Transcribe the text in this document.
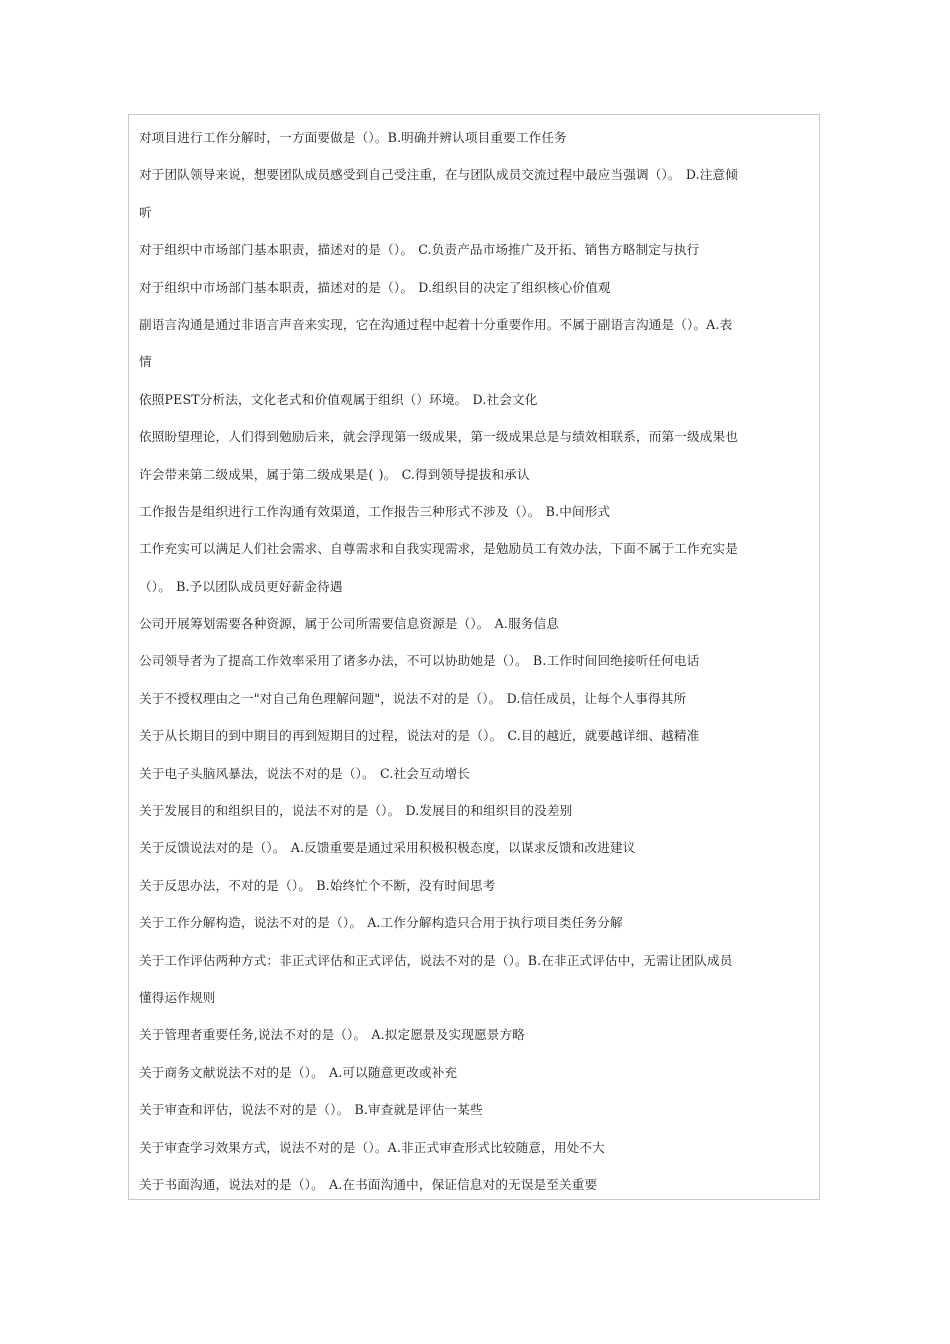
对项目进行工作分解时，一方面要做是（）。B.明确并辨认项目重要工作任务
对于团队领导来说，想要团队成员感受到自己受注重，在与团队成员交流过程中最应当强调（）。 D.注意倾
听
对于组织中市场部门基本职责，描述对的是（）。 C.负责产品市场推广及开拓、销售方略制定与执行
对于组织中市场部门基本职责，描述对的是（）。 D.组织目的决定了组织核心价值观
副语言沟通是通过非语言声音来实现，它在沟通过程中起着十分重要作用。不属于副语言沟通是（）。A.表
情
依照PEST分析法，文化老式和价值观属于组织（）环境。 D.社会文化
依照盼望理论，人们得到勉励后来，就会浮现第一级成果，第一级成果总是与绩效相联系，而第一级成果也
许会带来第二级成果，属于第二级成果是( )。 C.得到领导提拔和承认
工作报告是组织进行工作沟通有效渠道，工作报告三种形式不涉及（）。 B.中间形式
工作充实可以满足人们社会需求、自尊需求和自我实现需求，是勉励员工有效办法，下面不属于工作充实是
（）。 B.予以团队成员更好薪金待遇
公司开展筹划需要各种资源，属于公司所需要信息资源是（）。 A.服务信息
公司领导者为了提高工作效率采用了诸多办法，不可以协助她是（）。 B.工作时间回绝接听任何电话
关于不授权理由之一"对自己角色理解问题"，说法不对的是（）。 D.信任成员，让每个人事得其所
关于从长期目的到中期目的再到短期目的过程，说法对的是（）。 C.目的越近，就要越详细、越精准
关于电子头脑风暴法，说法不对的是（）。 C.社会互动增长
关于发展目的和组织目的，说法不对的是（）。 D.发展目的和组织目的没差别
关于反馈说法对的是（）。 A.反馈重要是通过采用积极积极态度，以谋求反馈和改进建议
关于反思办法，不对的是（）。 B.始终忙个不断，没有时间思考
关于工作分解构造，说法不对的是（）。 A.工作分解构造只合用于执行项目类任务分解
关于工作评估两种方式：非正式评估和正式评估，说法不对的是（）。B.在非正式评估中，无需让团队成员
懂得运作规则
关于管理者重要任务,说法不对的是（）。 A.拟定愿景及实现愿景方略
关于商务文献说法不对的是（）。 A.可以随意更改或补充
关于审查和评估，说法不对的是（）。 B.审查就是评估一某些
关于审查学习效果方式，说法不对的是（）。A.非正式审查形式比较随意，用处不大
关于书面沟通，说法对的是（）。 A.在书面沟通中，保证信息对的无误是至关重要
